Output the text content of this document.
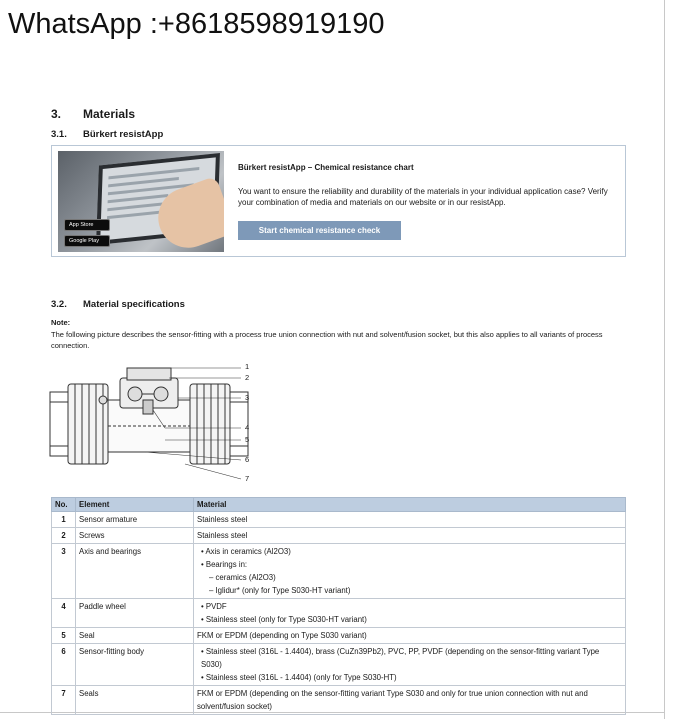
WhatsApp :+8618598919190
3. Materials
3.1. Bürkert resistApp
App Store
Google Play
Bürkert resistApp – Chemical resistance chart
You want to ensure the reliability and durability of the materials in your individual application case? Verify your combination of media and materials on our website or in our resistApp.
Start chemical resistance check
3.2. Material specifications
Note:
The following picture describes the sensor-fitting with a process true union connection with nut and solvent/fusion socket, but this also applies to all variants of process connection.
1
2
3
4
5
6
7
No.	Element	Material
1	Sensor armature	Stainless steel
2	Screws	Stainless steel
3	Axis and bearings	• Axis in ceramics (Al2O3)
• Bearings in:
– ceramics (Al2O3)
– Iglidur* (only for Type S030-HT variant)

4	Paddle wheel	• PVDF
• Stainless steel (only for Type S030-HT variant)

5	Seal	FKM or EPDM (depending on Type S030 variant)
6	Sensor-fitting body	• Stainless steel (316L - 1.4404), brass (CuZn39Pb2), PVC, PP, PVDF (depending on the sensor-fitting variant Type S030)
• Stainless steel (316L - 1.4404) (only for Type S030-HT)

7	Seals	FKM or EPDM (depending on the sensor-fitting variant Type S030 and only for true union connection with nut and solvent/fusion socket)
